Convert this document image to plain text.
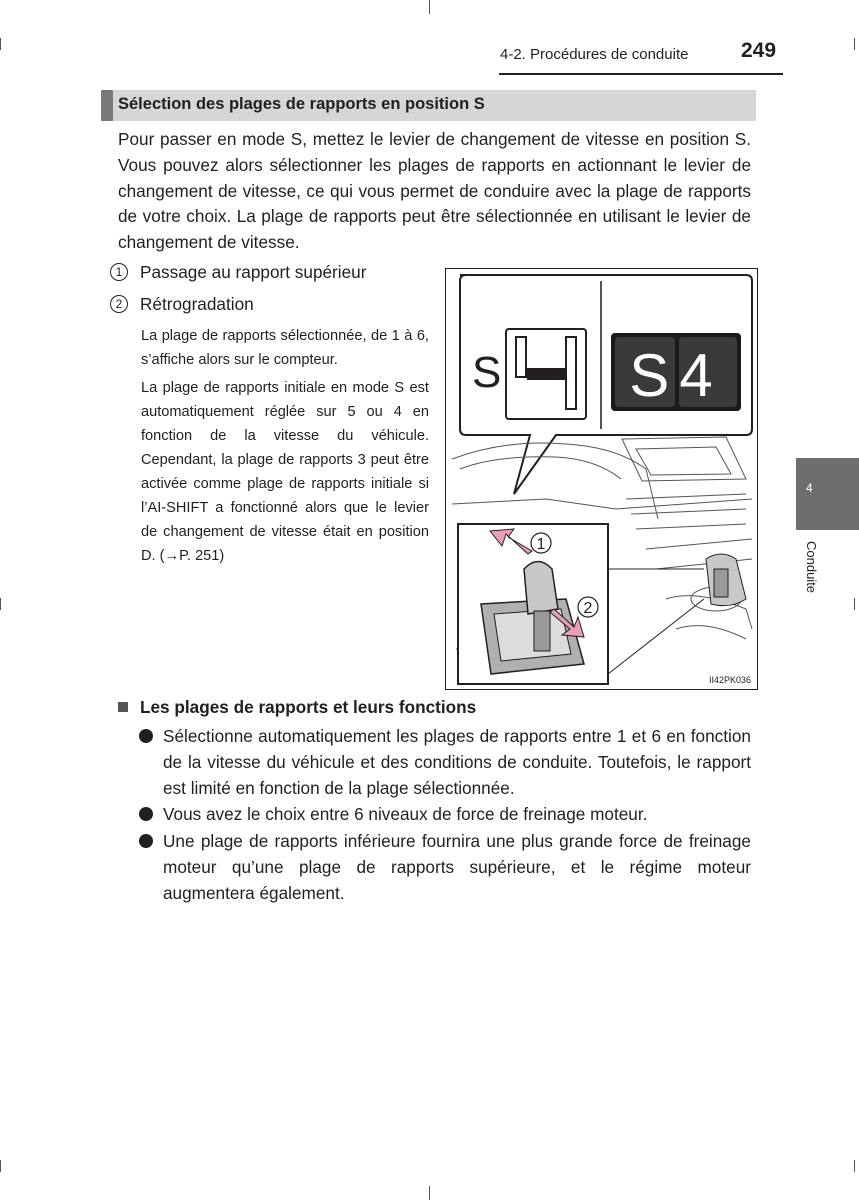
4-2. Procédures de conduite	249
Sélection des plages de rapports en position S

Pour passer en mode S, mettez le levier de changement de vitesse en position S. Vous pouvez alors sélectionner les plages de rapports en actionnant le levier de changement de vitesse, ce qui vous permet de conduire avec la plage de rapports de votre choix. La plage de rapports peut être sélectionnée en utilisant le levier de changement de vitesse.

1 Passage au rapport supérieur
2 Rétrogradation

La plage de rapports sélectionnée, de 1 à 6, s’affiche alors sur le compteur.

La plage de rapports initiale en mode S est automatiquement réglée sur 5 ou 4 en fonction de la vitesse du véhicule. Cependant, la plage de rapports 3 peut être activée comme plage de rapports initiale si l’AI-SHIFT a fonctionné alors que le levier de changement de vitesse était en position D. (→P. 251)

S S4
1
2
II42PK036
Les plages de rapports et leurs fonctions
Sélectionne automatiquement les plages de rapports entre 1 et 6 en fonction de la vitesse du véhicule et des conditions de conduite. Toutefois, le rapport est limité en fonction de la plage sélectionnée.
Vous avez le choix entre 6 niveaux de force de freinage moteur.
Une plage de rapports inférieure fournira une plus grande force de freinage moteur qu’une plage de rapports supérieure, et le régime moteur augmentera également.
4
Conduite
